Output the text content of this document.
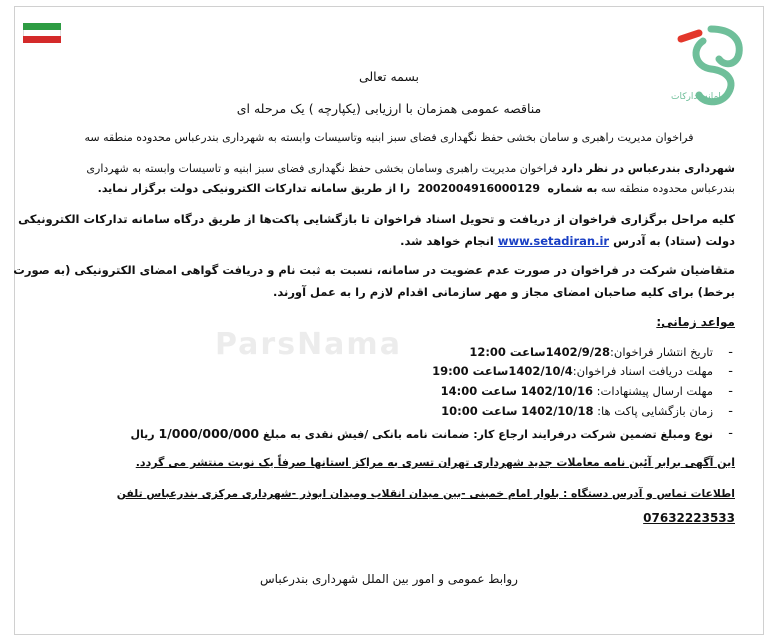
سامانه تدارکات
ParsNama
بسمه تعالی
مناقصه عمومی همزمان با ارزیابی (یکپارچه ) یک مرحله ای
فراخوان مدیریت راهبری و سامان بخشی حفظ نگهداری فضای سبز ابنیه وتاسیسات وابسته به شهرداری بندرعباس محدوده منطقه سه
شهرداری بندرعباس در نظر دارد فراخوان مدیریت راهبری وسامان بخشی حفظ نگهداری فضای سبز ابنیه و تاسیسات وابسته به شهرداری
بندرعباس محدوده منطقه سه به شماره 2002004916000129 را از طریق سامانه تدارکات الکترونیکی دولت برگزار نماید.
کلیه مراحل برگزاری فراخوان از دریافت و تحویل اسناد فراخوان تا بازگشایی پاکت‌ها از طریق درگاه سامانه تدارکات الکترونیکی
دولت (ستاد) به آدرس www.setadiran.ir انجام خواهد شد.
متقاضیان شرکت در فراخوان در صورت عدم عضویت در سامانه، نسبت به ثبت نام و دریافت گواهی امضای الکترونیکی (به صورت
برخط) برای کلیه صاحبان امضای مجاز و مهر سازمانی اقدام لازم را به عمل آورند.
مواعد زمانی:
-
تاریخ انتشار فراخوان:1402/9/28ساعت 12:00
-
مهلت دریافت اسناد فراخوان:1402/10/4ساعت 19:00
-
مهلت ارسال پیشنهادات: 1402/10/16 ساعت 14:00
-
زمان بازگشایی پاکت ها: 1402/10/18 ساعت 10:00
-
نوع ومبلغ تضمین شرکت درفرایند ارجاع کار: ضمانت نامه بانکی /فیش نقدی به مبلغ 1/000/000/000 ریال
این آگهی برابر آئین نامه معاملات جدید شهرداری تهران تسری به مراکز استانها صرفاً یک نوبت منتشر می گردد.
اطلاعات تماس و آدرس دستگاه : بلوار امام خمینی -بین میدان انقلاب ومیدان ابوذر -شهرداری مرکزی بندرعباس تلفن
07632223533
روابط عمومی و امور بین الملل شهرداری بندرعباس
